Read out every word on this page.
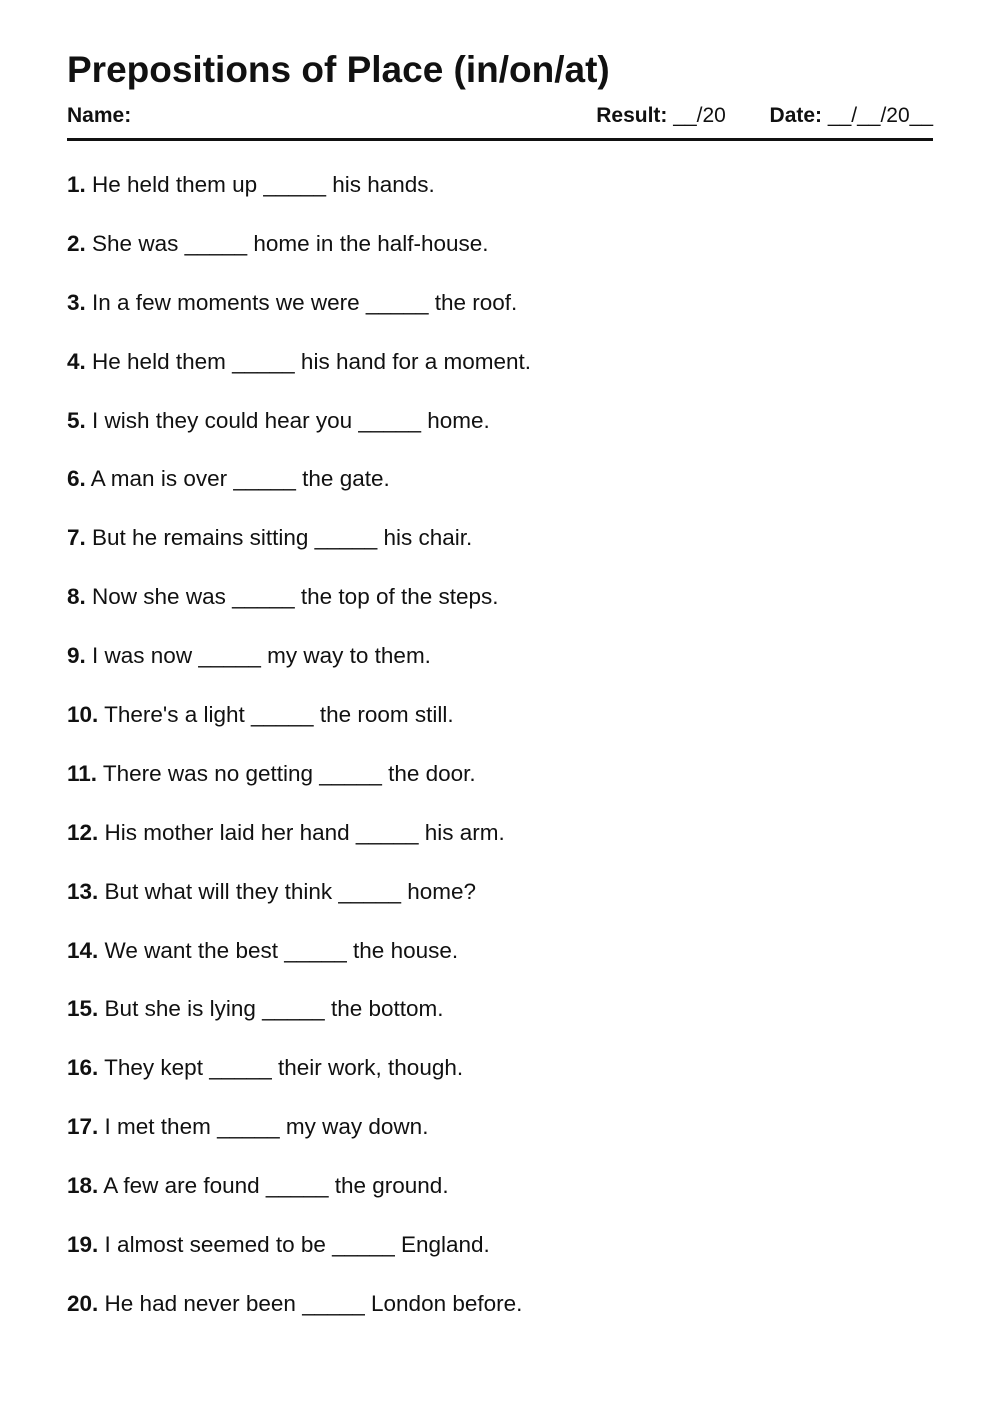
Prepositions of Place (in/on/at)
Name:	Result: __/20 Date: __/__/20__
1. He held them up _____ his hands.
2. She was _____ home in the half-house.
3. In a few moments we were _____ the roof.
4. He held them _____ his hand for a moment.
5. I wish they could hear you _____ home.
6. A man is over _____ the gate.
7. But he remains sitting _____ his chair.
8. Now she was _____ the top of the steps.
9. I was now _____ my way to them.
10. There's a light _____ the room still.
11. There was no getting _____ the door.
12. His mother laid her hand _____ his arm.
13. But what will they think _____ home?
14. We want the best _____ the house.
15. But she is lying _____ the bottom.
16. They kept _____ their work, though.
17. I met them _____ my way down.
18. A few are found _____ the ground.
19. I almost seemed to be _____ England.
20. He had never been _____ London before.
